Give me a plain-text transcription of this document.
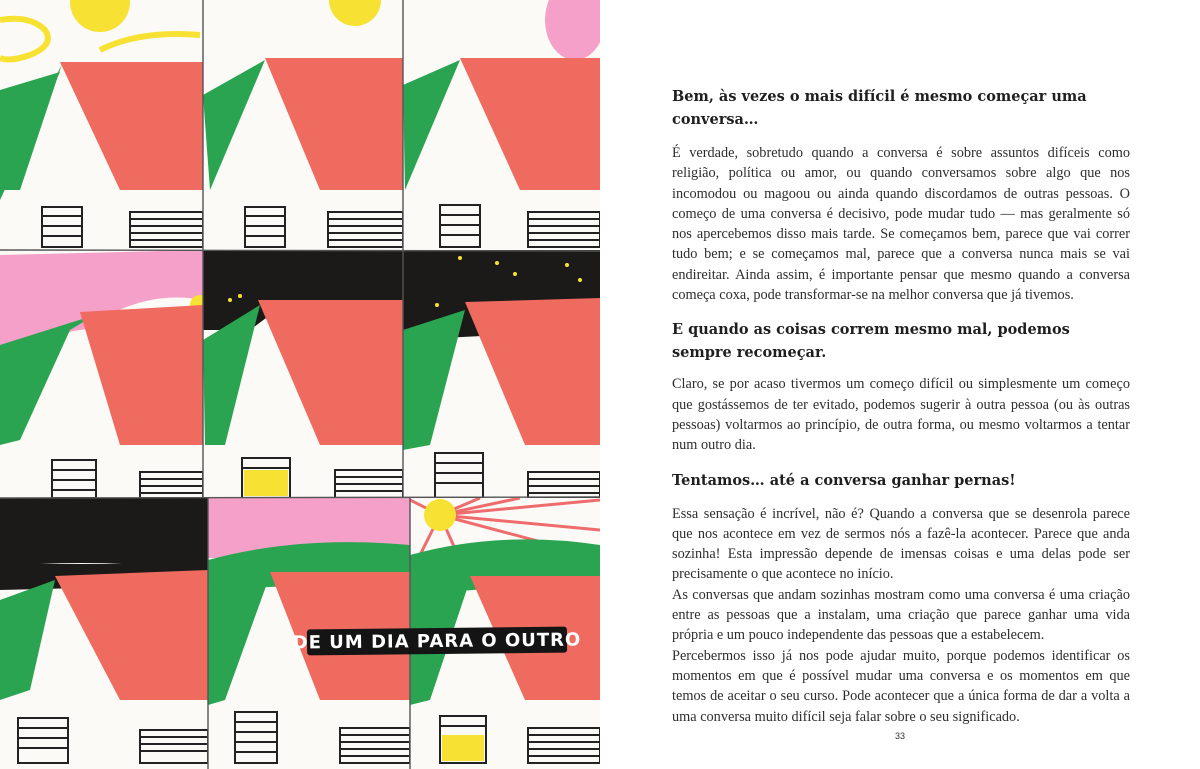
DE UM DIA PARA O OUTRO
Bem, às vezes o mais difícil é mesmo começar uma conversa…

É verdade, sobretudo quando a conversa é sobre assuntos difíceis como religião, política ou amor, ou quando conversamos sobre algo que nos incomodou ou magoou ou ainda quando discordamos de outras pessoas. O começo de uma conversa é decisivo, pode mudar tudo — mas geralmente só nos apercebemos disso mais tarde. Se começamos bem, parece que vai correr tudo bem; e se começamos mal, parece que a conversa nunca mais se vai endireitar. Ainda assim, é importante pensar que mesmo quando a conversa começa coxa, pode transformar-se na melhor conversa que já tivemos.

E quando as coisas correm mesmo mal, podemos sempre recomeçar.

Claro, se por acaso tivermos um começo difícil ou simplesmente um começo que gostássemos de ter evitado, podemos sugerir à outra pessoa (ou às outras pessoas) voltarmos ao princípio, de outra forma, ou mesmo voltarmos a tentar num outro dia.

Tentamos… até a conversa ganhar pernas!

Essa sensação é incrível, não é? Quando a conversa que se desenrola parece que nos acontece em vez de sermos nós a fazê-la acontecer. Parece que anda sozinha! Esta impressão depende de imensas coisas e uma delas pode ser precisamente o que acontece no início.

As conversas que andam sozinhas mostram como uma conversa é uma criação entre as pessoas que a instalam, uma criação que parece ganhar uma vida própria e um pouco independente das pessoas que a estabelecem.

Percebermos isso já nos pode ajudar muito, porque podemos identificar os momentos em que é possível mudar uma conversa e os momentos em que temos de aceitar o seu curso. Pode acontecer que a única forma de dar a volta a uma conversa muito difícil seja falar sobre o seu significado.

33
